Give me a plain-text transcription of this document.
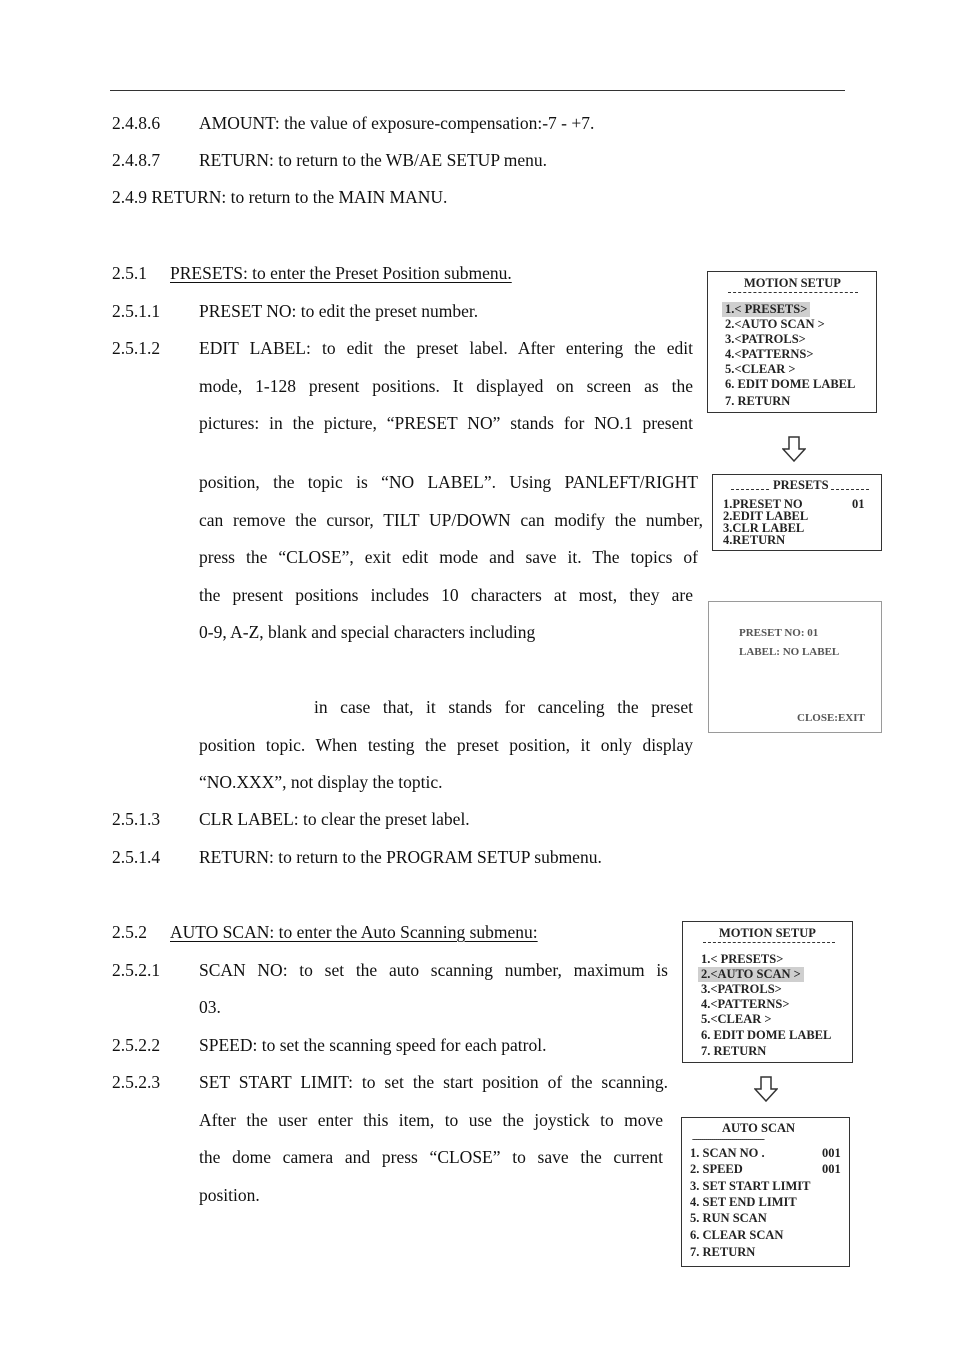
2.4.8.6 AMOUNT: the value of exposure-compensation:-7 - +7.
2.4.8.7 RETURN: to return to the WB/AE SETUP menu.
2.4.9 RETURN: to return to the MAIN MANU.
2.5.1 PRESETS: to enter the Preset Position submenu.
2.5.1.1 PRESET NO: to edit the preset number.
2.5.1.2 EDIT LABEL: to edit the preset label. After entering the edit
mode, 1-128 present positions. It displayed on screen as the
pictures: in the picture, “PRESET NO” stands for NO.1 present
position, the topic is “NO LABEL”. Using PANLEFT/RIGHT
can remove the cursor, TILT UP/DOWN can modify the number,
press the “CLOSE”, exit edit mode and save it. The topics of
the present positions includes 10 characters at most, they are
0-9, A-Z, blank and special characters including
in case that, it stands for canceling the preset
position topic. When testing the preset position, it only display
“NO.XXX”, not display the toptic.
2.5.1.3 CLR LABEL: to clear the preset label.
2.5.1.4 RETURN: to return to the PROGRAM SETUP submenu.
2.5.2 AUTO SCAN: to enter the Auto Scanning submenu:
2.5.2.1 SCAN NO: to set the auto scanning number, maximum is
03.
2.5.2.2 SPEED: to set the scanning speed for each patrol.
2.5.2.3 SET START LIMIT: to set the start position of the scanning.
After the user enter this item, to use the joystick to move
the dome camera and press “CLOSE” to save the current
position.
MOTION SETUP
1.< PRESETS>
2.<AUTO SCAN >
3.<PATROLS>
4.<PATTERNS>
5.<CLEAR >
6. EDIT DOME LABEL
7. RETURN
PRESETS
1.PRESET NO	01
2.EDIT LABEL
3.CLR LABEL
4.RETURN
PRESET NO: 01
LABEL: NO LABEL
CLOSE:EXIT
MOTION SETUP
1.< PRESETS>
2.<AUTO SCAN >
3.<PATROLS>
4.<PATTERNS>
5.<CLEAR >
6. EDIT DOME LABEL
7. RETURN
AUTO SCAN
------------------------------------
1. SCAN NO .	001
2. SPEED	001
3. SET START LIMIT
4. SET END LIMIT
5. RUN SCAN
6. CLEAR SCAN
7. RETURN
